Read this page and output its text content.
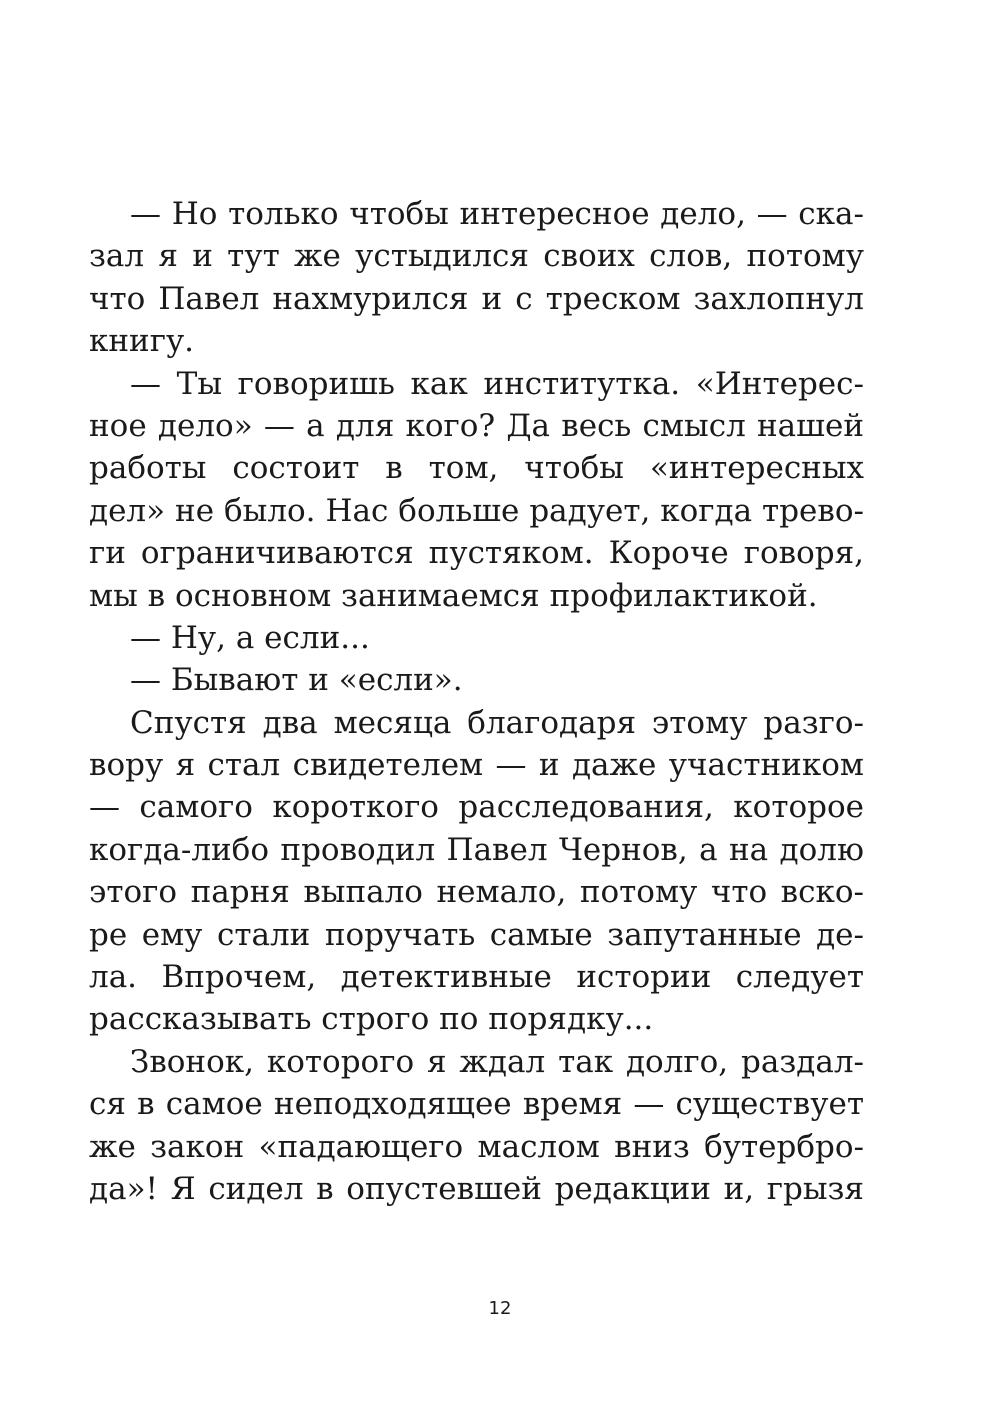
— Но только чтобы интересное дело, — ска-
зал я и тут же устыдился своих слов, потому
что Павел нахмурился и с треском захлопнул
книгу.
— Ты говоришь как институтка. «Интерес-
ное дело» — а для кого? Да весь смысл нашей
работы состоит в том, чтобы «интересных
дел» не было. Нас больше радует, когда трево-
ги ограничиваются пустяком. Короче говоря,
мы в основном занимаемся профилактикой.
— Ну, а если...
— Бывают и «если».
Спустя два месяца благодаря этому разго-
вору я стал свидетелем — и даже участником
— самого короткого расследования, которое
когда-либо проводил Павел Чернов, а на долю
этого парня выпало немало, потому что вско-
ре ему стали поручать самые запутанные де-
ла. Впрочем, детективные истории следует
рассказывать строго по порядку...
Звонок, которого я ждал так долго, раздал-
ся в самое неподходящее время — существует
же закон «падающего маслом вниз бутербро-
да»! Я сидел в опустевшей редакции и, грызя
12
